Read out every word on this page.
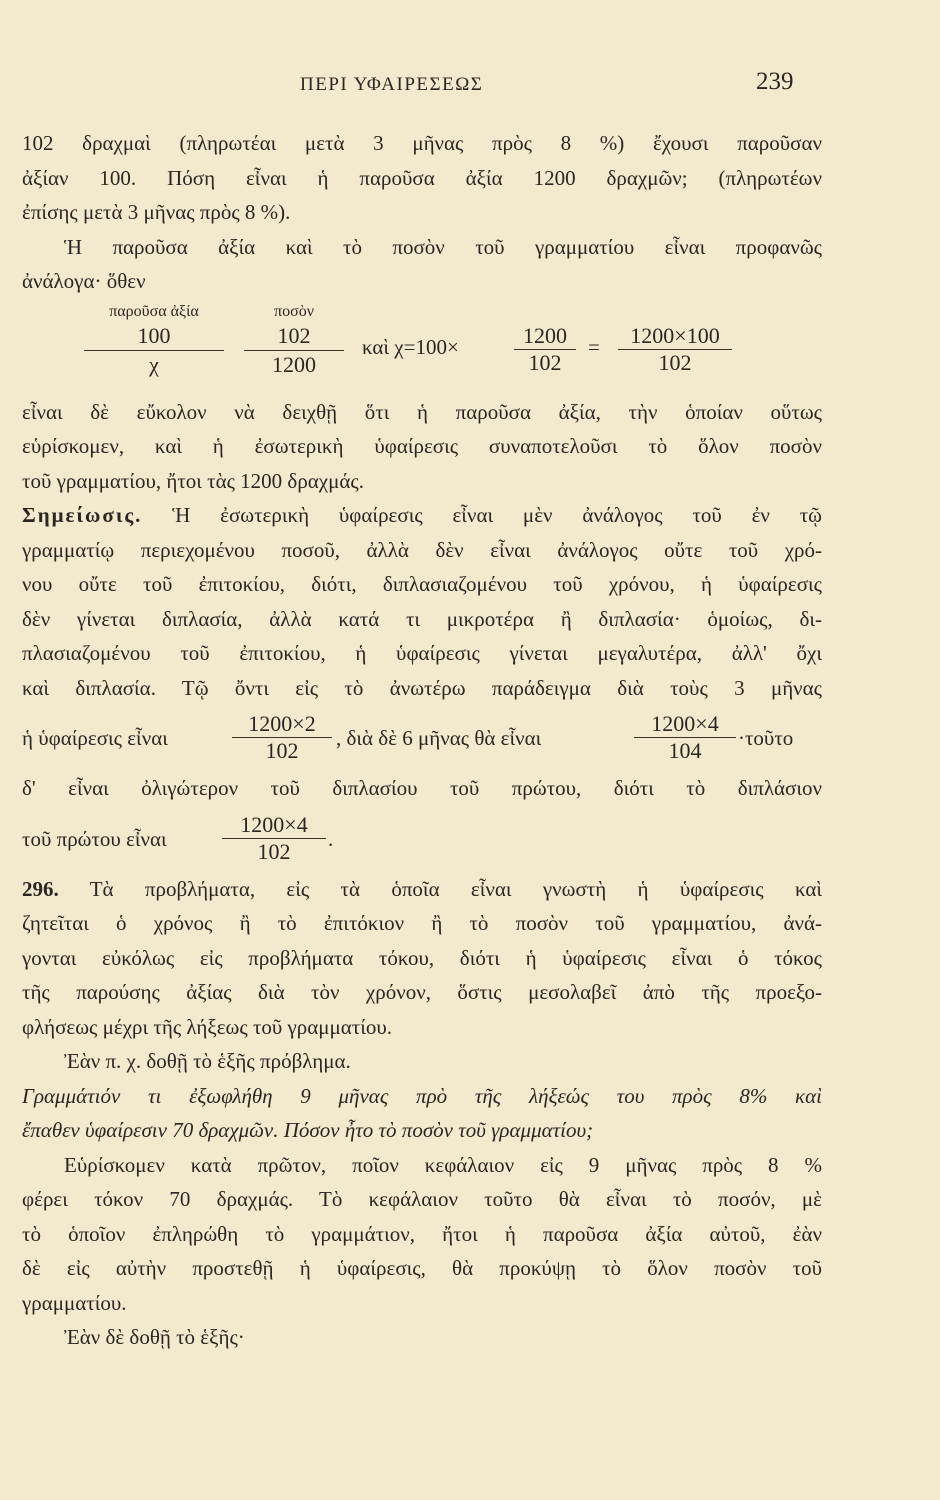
ΠΕΡΙ ΥΦΑΙΡΕΣΕΩΣ	239
102 δραχμαὶ (πληρωτέαι μετὰ 3 μῆνας πρὸς 8 %) ἔχουσι παροῦσαν
ἀξίαν 100. Πόση εἶναι ἡ παροῦσα ἀξία 1200 δραχμῶν; (πληρωτέων
ἐπίσης μετὰ 3 μῆνας πρὸς 8 %).
Ἡ παροῦσα ἀξία καὶ τὸ ποσὸν τοῦ γραμματίου εἶναι προφανῶς
ἀνάλογα· ὅθεν
παροῦσα ἀξία
100
χ
ποσὸν
102
1200
καὶ χ=100×	1200
102
=	1200×100
102
εἶναι δὲ εὔκολον νὰ δειχθῇ ὅτι ἡ παροῦσα ἀξία, τὴν ὁποίαν οὕτως
εὑρίσκομεν, καὶ ἡ ἐσωτερικὴ ὑφαίρεσις συναποτελοῦσι τὸ ὅλον ποσὸν
τοῦ γραμματίου, ἤτοι τὰς 1200 δραχμάς.
Σημείωσις. Ἡ ἐσωτερικὴ ὑφαίρεσις εἶναι μὲν ἀνάλογος τοῦ ἐν τῷ
γραμματίῳ περιεχομένου ποσοῦ, ἀλλὰ δὲν εἶναι ἀνάλογος οὔτε τοῦ χρό-
νου οὔτε τοῦ ἐπιτοκίου, διότι, διπλασιαζομένου τοῦ χρόνου, ἡ ὑφαίρεσις
δὲν γίνεται διπλασία, ἀλλὰ κατά τι μικροτέρα ἢ διπλασία· ὁμοίως, δι-
πλασιαζομένου τοῦ ἐπιτοκίου, ἡ ὑφαίρεσις γίνεται μεγαλυτέρα, ἀλλ' ὄχι
καὶ διπλασία. Τῷ ὄντι εἰς τὸ ἀνωτέρω παράδειγμα διὰ τοὺς 3 μῆνας
ἡ ὑφαίρεσις εἶναι
1200×2
102	, διὰ δὲ 6 μῆνας θὰ εἶναι
1200×4
104	·τοῦτο
δ' εἶναι ὀλιγώτερον τοῦ διπλασίου τοῦ πρώτου, διότι τὸ διπλάσιον
τοῦ πρώτου εἶναι
1200×4
102	.
296. Τὰ προβλήματα, εἰς τὰ ὁποῖα εἶναι γνωστὴ ἡ ὑφαίρεσις καὶ
ζητεῖται ὁ χρόνος ἢ τὸ ἐπιτόκιον ἢ τὸ ποσὸν τοῦ γραμματίου, ἀνά-
γονται εὐκόλως εἰς προβλήματα τόκου, διότι ἡ ὑφαίρεσις εἶναι ὁ τόκος
τῆς παρούσης ἀξίας διὰ τὸν χρόνον, ὅστις μεσολαβεῖ ἀπὸ τῆς προεξο-
φλήσεως μέχρι τῆς λήξεως τοῦ γραμματίου.
Ἐὰν π. χ. δοθῇ τὸ ἑξῆς πρόβλημα.
Γραμμάτιόν τι ἐξωφλήθη 9 μῆνας πρὸ τῆς λήξεώς του πρὸς 8% καὶ
ἔπαθεν ὑφαίρεσιν 70 δραχμῶν. Πόσον ἦτο τὸ ποσὸν τοῦ γραμματίου;
Εὑρίσκομεν κατὰ πρῶτον, ποῖον κεφάλαιον εἰς 9 μῆνας πρὸς 8 %
φέρει τόκον 70 δραχμάς. Τὸ κεφάλαιον τοῦτο θὰ εἶναι τὸ ποσόν, μὲ
τὸ ὁποῖον ἐπληρώθη τὸ γραμμάτιον, ἤτοι ἡ παροῦσα ἀξία αὐτοῦ, ἐὰν
δὲ εἰς αὐτὴν προστεθῇ ἡ ὑφαίρεσις, θὰ προκύψῃ τὸ ὅλον ποσὸν τοῦ
γραμματίου.
Ἐὰν δὲ δοθῇ τὸ ἑξῆς·
